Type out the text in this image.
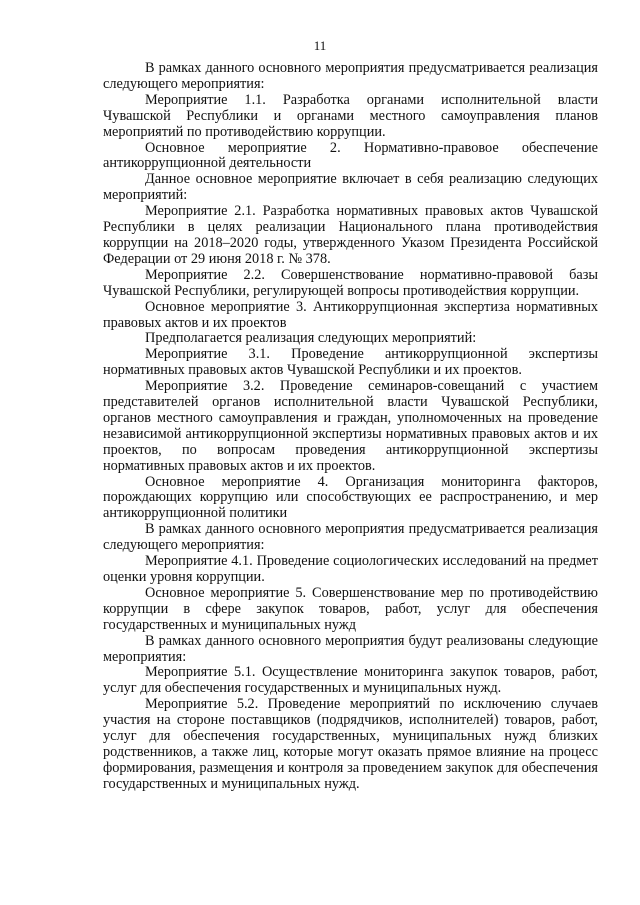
11

В рамках данного основного мероприятия предусматривается реализация следующего мероприятия:

Мероприятие 1.1. Разработка органами исполнительной власти Чувашской Республики и органами местного самоуправления планов мероприятий по противодействию коррупции.

Основное мероприятие 2. Нормативно-правовое обеспечение антикоррупционной деятельности

Данное основное мероприятие включает в себя реализацию следующих мероприятий:

Мероприятие 2.1. Разработка нормативных правовых актов Чувашской Республики в целях реализации Национального плана противодействия коррупции на 2018–2020 годы, утвержденного Указом Президента Российской Федерации от 29 июня 2018 г. № 378.

Мероприятие 2.2. Совершенствование нормативно-правовой базы Чувашской Республики, регулирующей вопросы противодействия коррупции.

Основное мероприятие 3. Антикоррупционная экспертиза нормативных правовых актов и их проектов

Предполагается реализация следующих мероприятий:

Мероприятие 3.1. Проведение антикоррупционной экспертизы нормативных правовых актов Чувашской Республики и их проектов.

Мероприятие 3.2. Проведение семинаров-совещаний с участием представителей органов исполнительной власти Чувашской Республики, органов местного самоуправления и граждан, уполномоченных на проведение независимой антикоррупционной экспертизы нормативных правовых актов и их проектов, по вопросам проведения антикоррупционной экспертизы нормативных правовых актов и их проектов.

Основное мероприятие 4. Организация мониторинга факторов, порождающих коррупцию или способствующих ее распространению, и мер антикоррупционной политики

В рамках данного основного мероприятия предусматривается реализация следующего мероприятия:

Мероприятие 4.1. Проведение социологических исследований на предмет оценки уровня коррупции.

Основное мероприятие 5. Совершенствование мер по противодействию коррупции в сфере закупок товаров, работ, услуг для обеспечения государственных и муниципальных нужд

В рамках данного основного мероприятия будут реализованы следующие мероприятия:

Мероприятие 5.1. Осуществление мониторинга закупок товаров, работ, услуг для обеспечения государственных и муниципальных нужд.

Мероприятие 5.2. Проведение мероприятий по исключению случаев участия на стороне поставщиков (подрядчиков, исполнителей) товаров, работ, услуг для обеспечения государственных, муниципальных нужд близких родственников, а также лиц, которые могут оказать прямое влияние на процесс формирования, размещения и контроля за проведением закупок для обеспечения государственных и муниципальных нужд.
